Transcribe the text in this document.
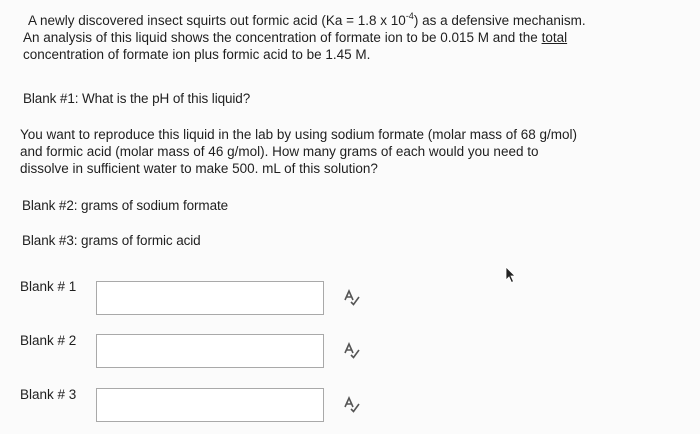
A newly discovered insect squirts out formic acid (Ka = 1.8 x $10^{-4}$) as a defensive mechanism.
An analysis of this liquid shows the concentration of formate ion to be 0.015 M and the total
concentration of formate ion plus formic acid to be 1.45 M.
Blank #1: What is the pH of this liquid?
You want to reproduce this liquid in the lab by using sodium formate (molar mass of 68 g/mol)
and formic acid (molar mass of 46 g/mol). How many grams of each would you need to
dissolve in sufficient water to make 500. mL of this solution?
Blank #2: grams of sodium formate
Blank #3: grams of formic acid
Blank # 1
Blank # 2
Blank # 3
